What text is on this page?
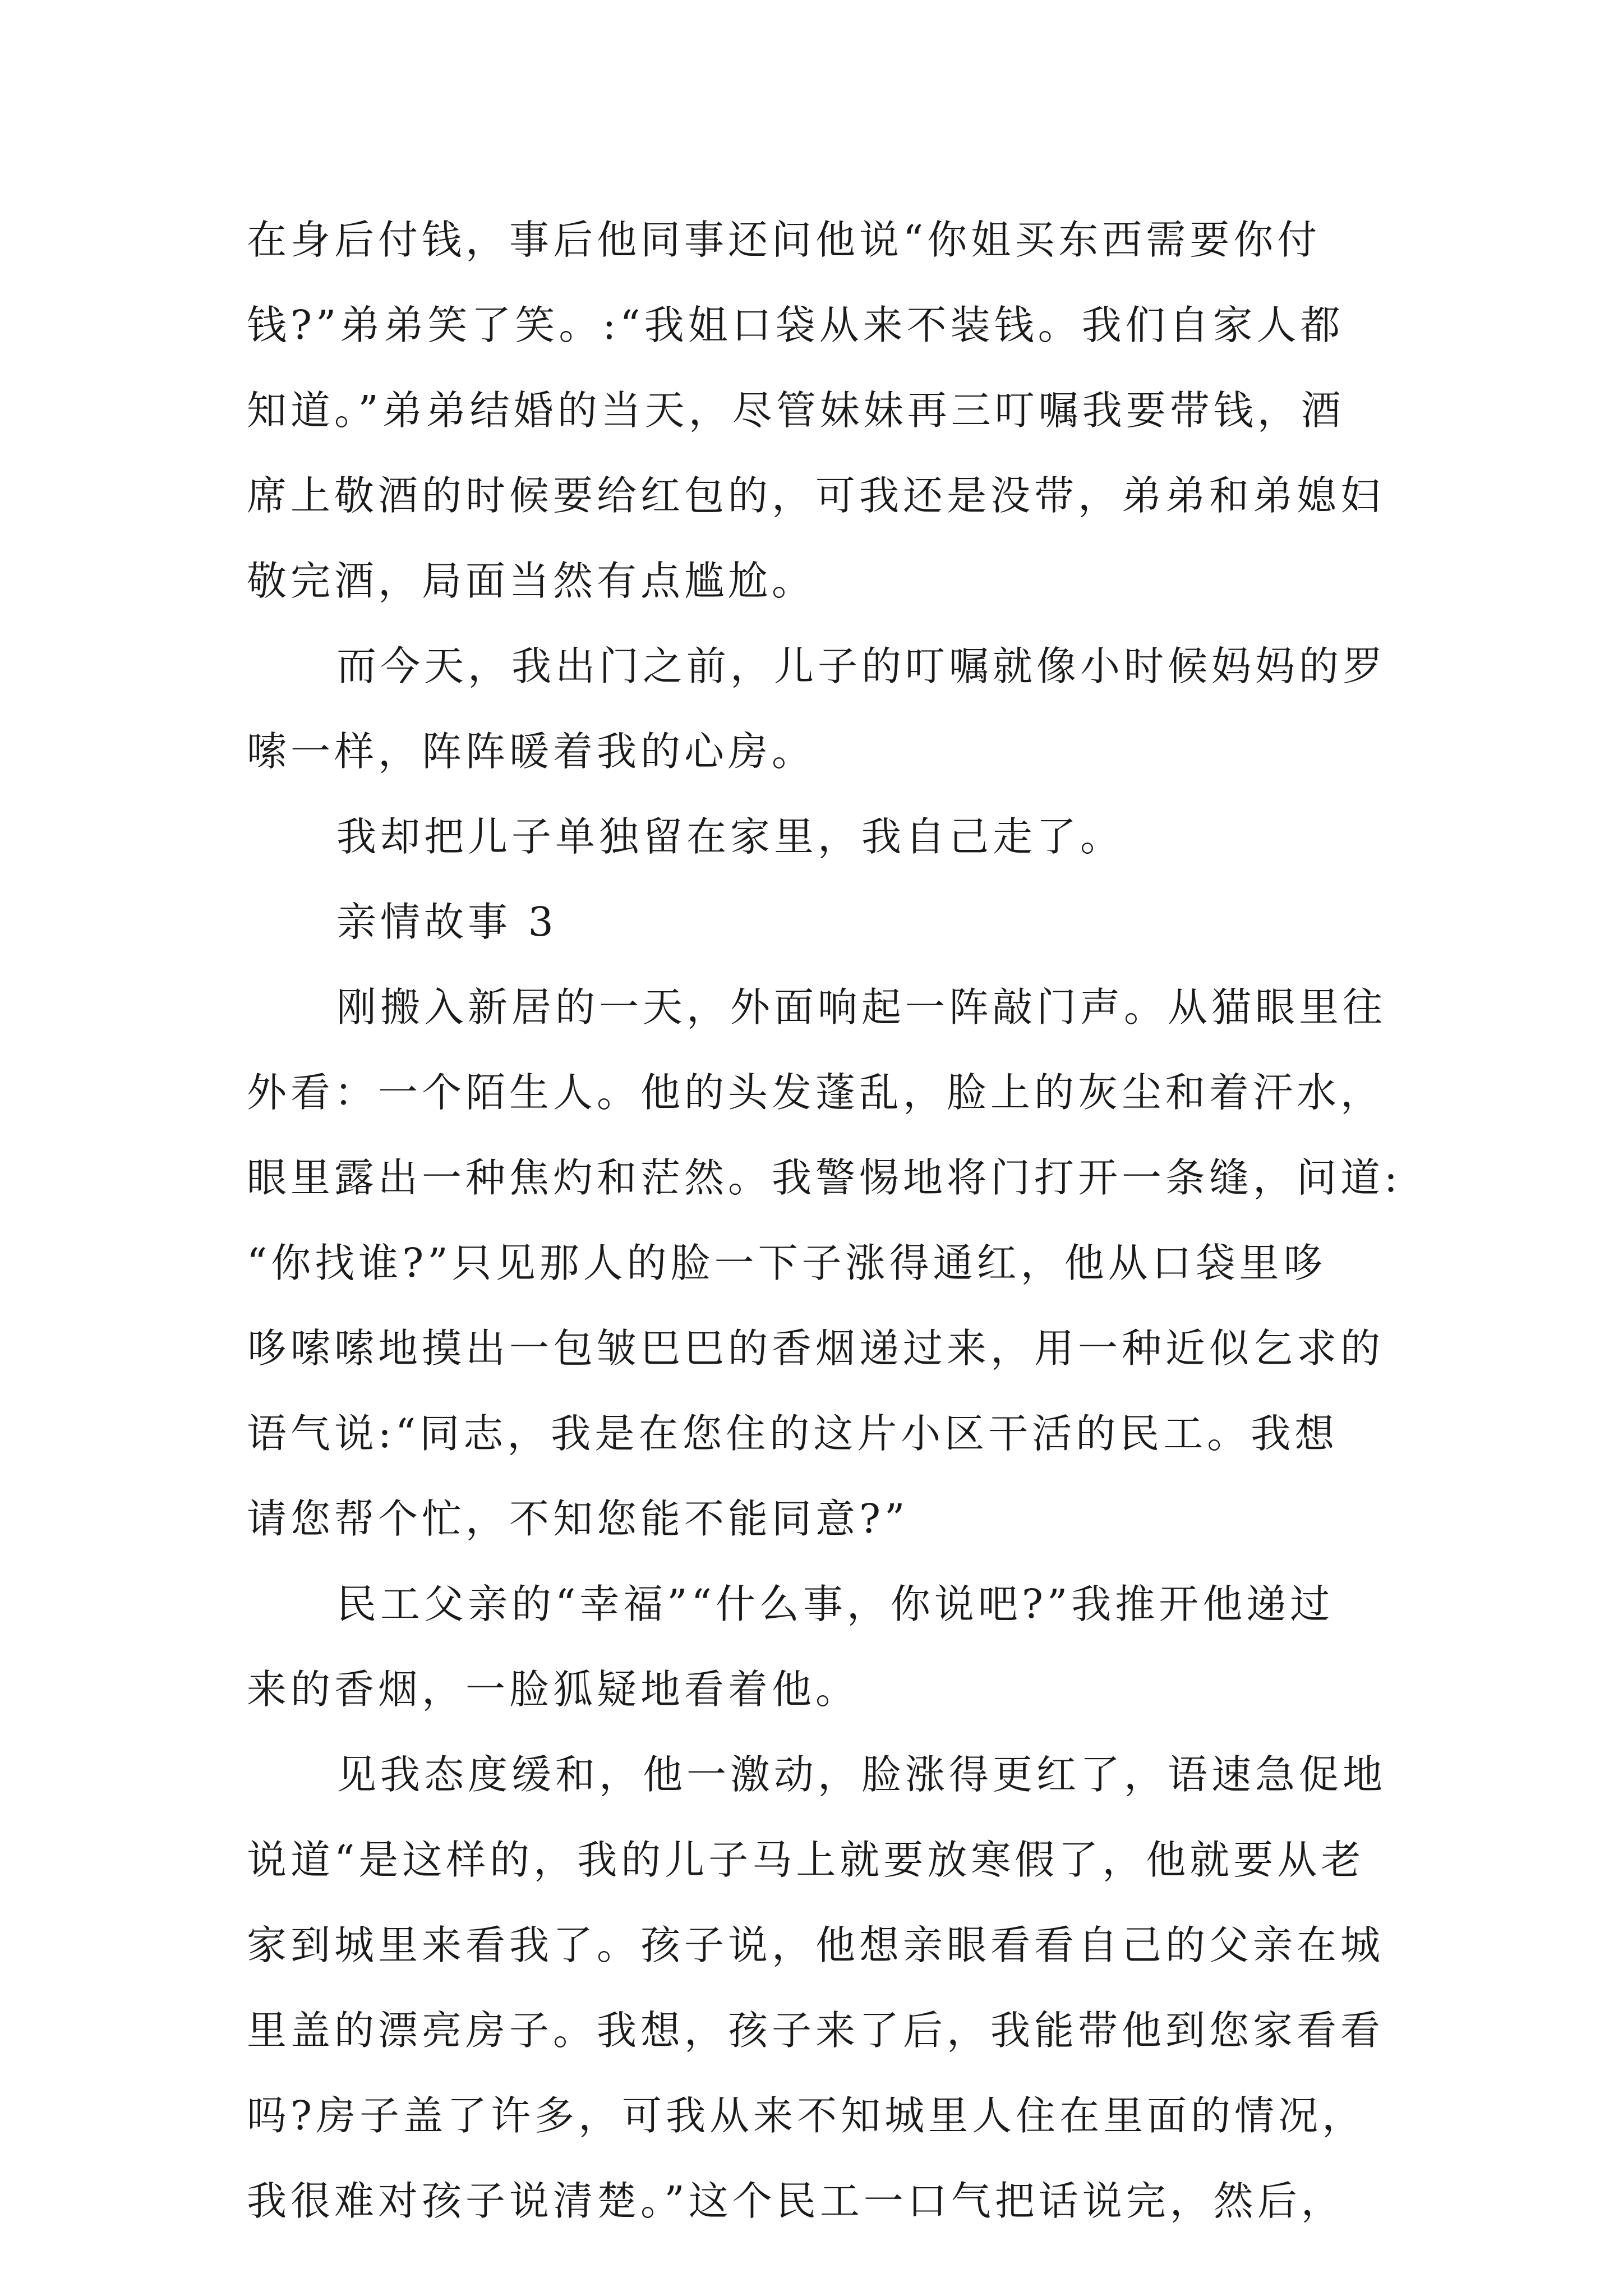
在身后付钱，事后他同事还问他说“你姐买东西需要你付
钱?”弟弟笑了笑。:“我姐口袋从来不装钱。我们自家人都
知道。”弟弟结婚的当天，尽管妹妹再三叮嘱我要带钱，酒
席上敬酒的时候要给红包的，可我还是没带，弟弟和弟媳妇
敬完酒，局面当然有点尴尬。
而今天，我出门之前，儿子的叮嘱就像小时候妈妈的罗
嗦一样，阵阵暖着我的心房。
我却把儿子单独留在家里，我自己走了。
亲情故事 3
刚搬入新居的一天，外面响起一阵敲门声。从猫眼里往
外看：一个陌生人。他的头发蓬乱，脸上的灰尘和着汗水，
眼里露出一种焦灼和茫然。我警惕地将门打开一条缝，问道:
“你找谁?”只见那人的脸一下子涨得通红，他从口袋里哆
哆嗦嗦地摸出一包皱巴巴的香烟递过来，用一种近似乞求的
语气说:“同志，我是在您住的这片小区干活的民工。我想
请您帮个忙，不知您能不能同意?”
民工父亲的“幸福”“什么事，你说吧?”我推开他递过
来的香烟，一脸狐疑地看着他。
见我态度缓和，他一激动，脸涨得更红了，语速急促地
说道“是这样的，我的儿子马上就要放寒假了，他就要从老
家到城里来看我了。孩子说，他想亲眼看看自己的父亲在城
里盖的漂亮房子。我想，孩子来了后，我能带他到您家看看
吗?房子盖了许多，可我从来不知城里人住在里面的情况，
我很难对孩子说清楚。”这个民工一口气把话说完，然后，
